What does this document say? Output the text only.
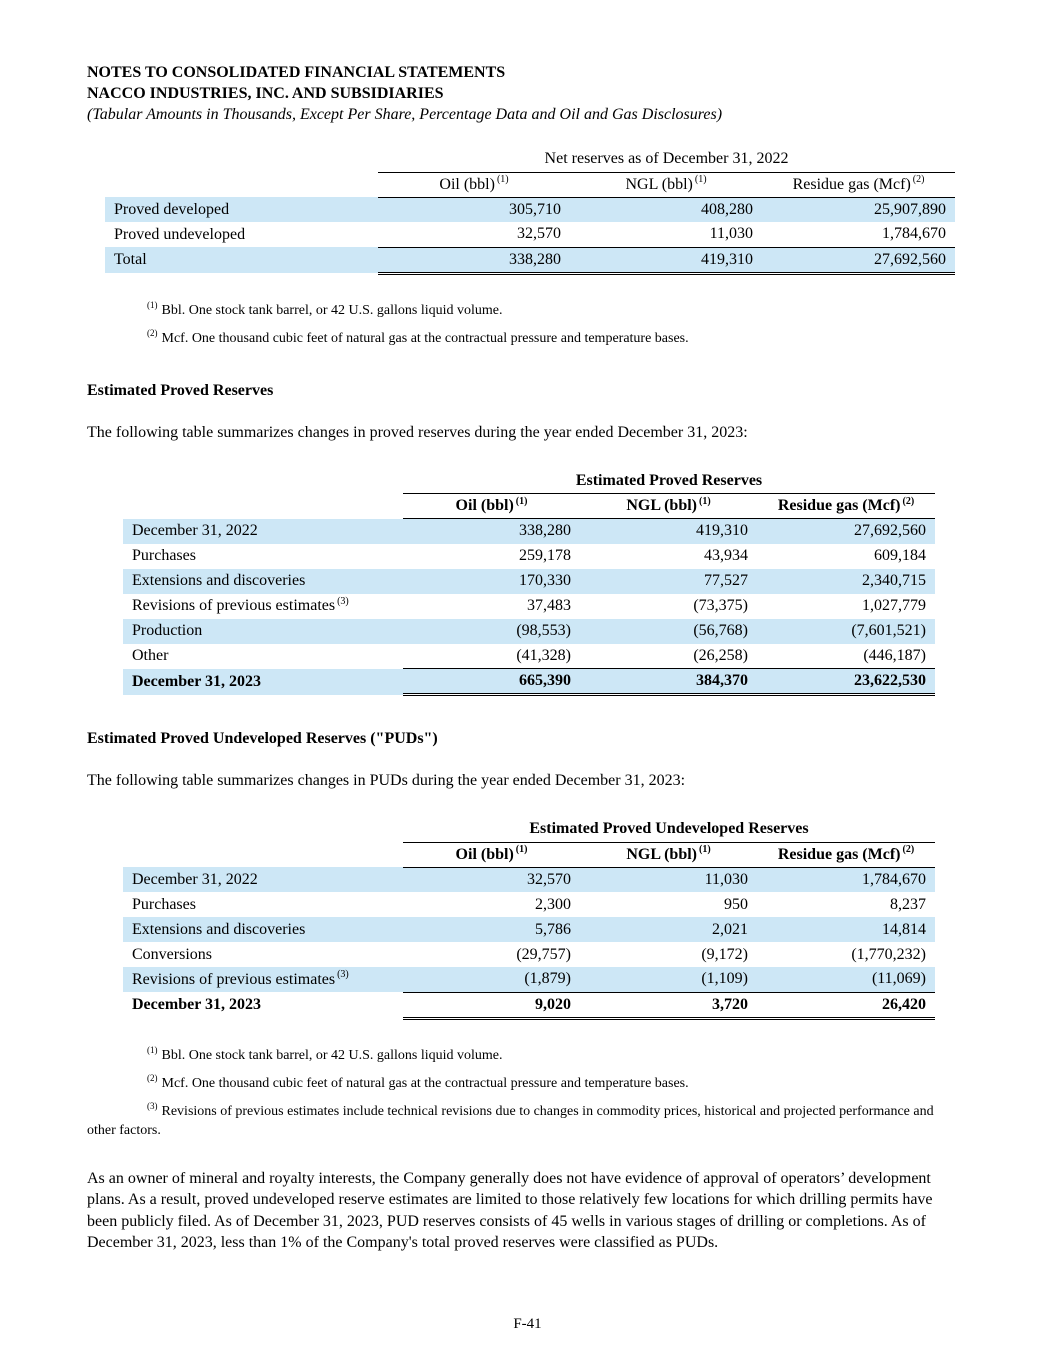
NOTES TO CONSOLIDATED FINANCIAL STATEMENTS
NACCO INDUSTRIES, INC. AND SUBSIDIARIES
(Tabular Amounts in Thousands, Except Per Share, Percentage Data and Oil and Gas Disclosures)
	Net reserves as of December 31, 2022		
	Oil (bbl) $^{(1)}$	NGL (bbl) $^{(1)}$	Residue gas (Mcf) $^{(2)}$
Proved developed	305,710	408,280	25,907,890
Proved undeveloped	32,570	11,030	1,784,670
Total	338,280	419,310	27,692,560

$^{(1)}$ Bbl. One stock tank barrel, or 42 U.S. gallons liquid volume.

$^{(2)}$ Mcf. One thousand cubic feet of natural gas at the contractual pressure and temperature bases.

Estimated Proved Reserves

The following table summarizes changes in proved reserves during the year ended December 31, 2023:

	Estimated Proved Reserves		
	Oil (bbl) $^{(1)}$	NGL (bbl) $^{(1)}$	Residue gas (Mcf) $^{(2)}$
December 31, 2022	338,280	419,310	27,692,560
Purchases	259,178	43,934	609,184
Extensions and discoveries	170,330	77,527	2,340,715
Revisions of previous estimates $^{(3)}$	37,483	(73,375)	1,027,779
Production	(98,553)	(56,768)	(7,601,521)
Other	(41,328)	(26,258)	(446,187)
December 31, 2023	665,390	384,370	23,622,530
Estimated Proved Undeveloped Reserves ("PUDs")

The following table summarizes changes in PUDs during the year ended December 31, 2023:

	Estimated Proved Undeveloped Reserves		
	Oil (bbl) $^{(1)}$	NGL (bbl) $^{(1)}$	Residue gas (Mcf) $^{(2)}$
December 31, 2022	32,570	11,030	1,784,670
Purchases	2,300	950	8,237
Extensions and discoveries	5,786	2,021	14,814
Conversions	(29,757)	(9,172)	(1,770,232)
Revisions of previous estimates $^{(3)}$	(1,879)	(1,109)	(11,069)
December 31, 2023	9,020	3,720	26,420

$^{(1)}$ Bbl. One stock tank barrel, or 42 U.S. gallons liquid volume.

$^{(2)}$ Mcf. One thousand cubic feet of natural gas at the contractual pressure and temperature bases.

$^{(3)}$ Revisions of previous estimates include technical revisions due to changes in commodity prices, historical and projected performance and other factors.

As an owner of mineral and royalty interests, the Company generally does not have evidence of approval of operators’ development plans. As a result, proved undeveloped reserve estimates are limited to those relatively few locations for which drilling permits have been publicly filed. As of December 31, 2023, PUD reserves consists of 45 wells in various stages of drilling or completions. As of December 31, 2023, less than 1% of the Company's total proved reserves were classified as PUDs.

F-41
